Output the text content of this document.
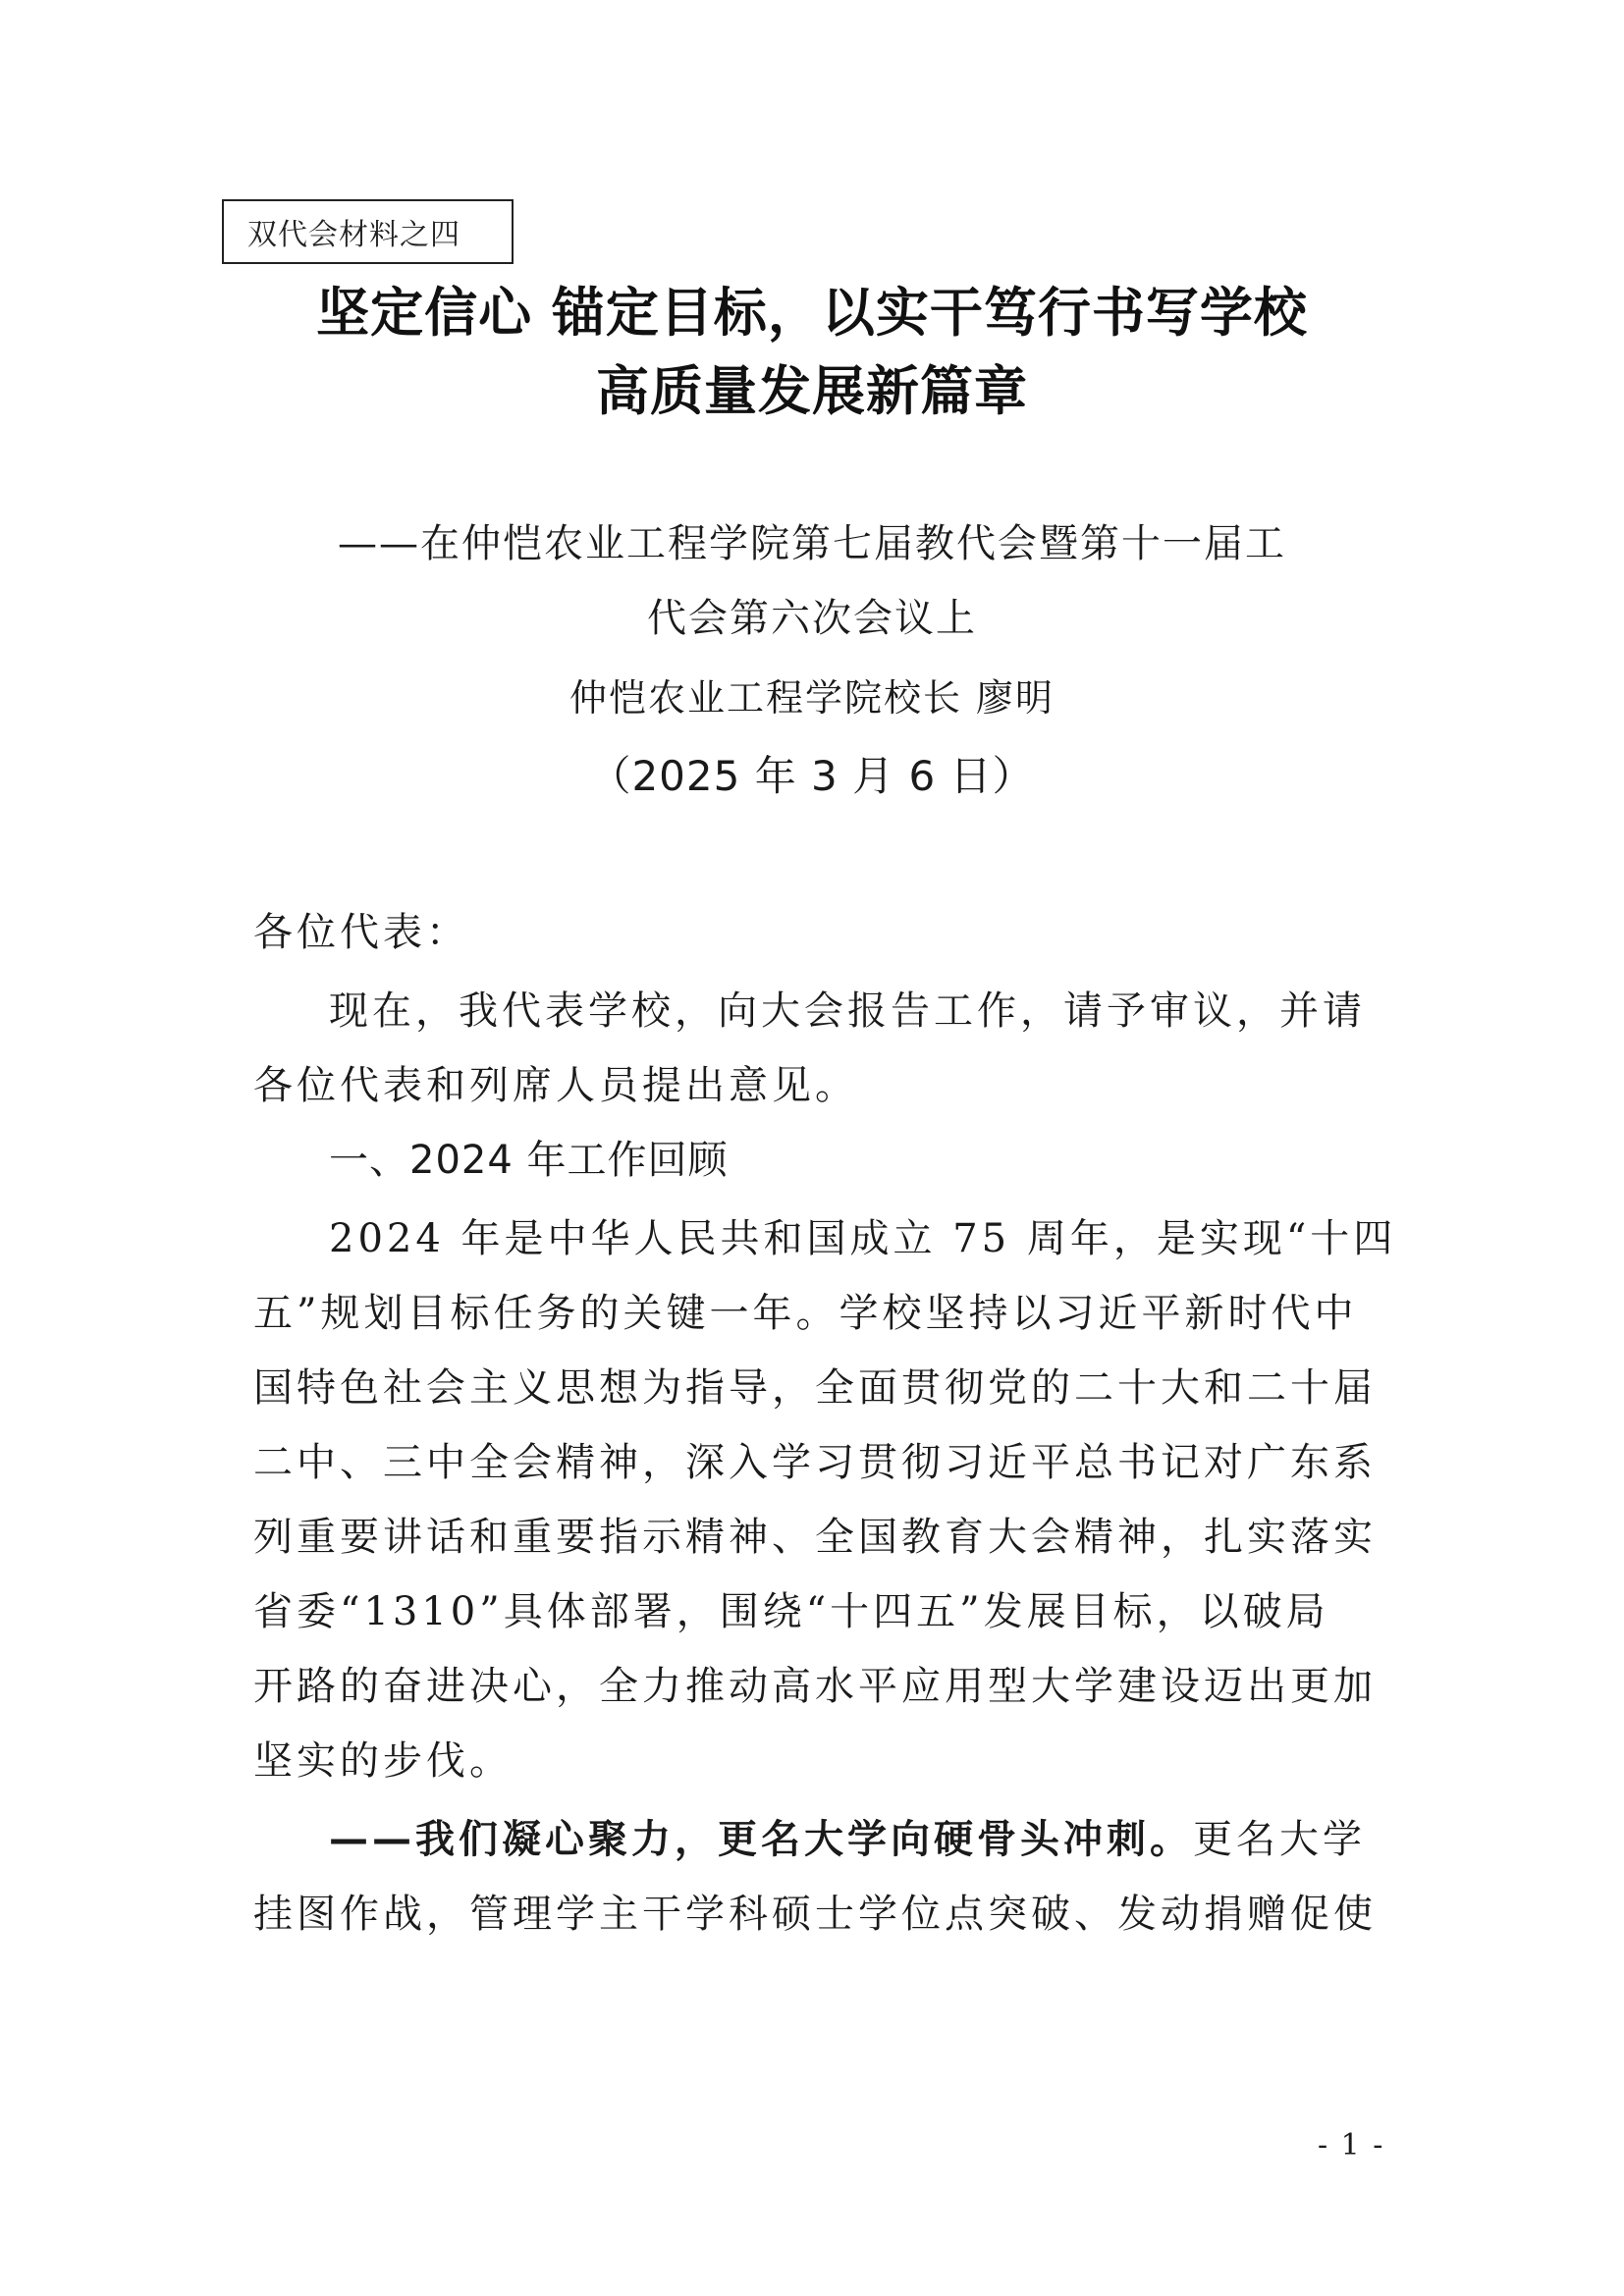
双代会材料之四
坚定信心 锚定目标，以实干笃行书写学校
高质量发展新篇章
——在仲恺农业工程学院第七届教代会暨第十一届工
代会第六次会议上
仲恺农业工程学院校长 廖明
（2025 年 3 月 6 日）
各位代表：
现在，我代表学校，向大会报告工作，请予审议，并请
各位代表和列席人员提出意见。
一、2024 年工作回顾
2024 年是中华人民共和国成立 75 周年，是实现“十四
五”规划目标任务的关键一年。学校坚持以习近平新时代中
国特色社会主义思想为指导，全面贯彻党的二十大和二十届
二中、三中全会精神，深入学习贯彻习近平总书记对广东系
列重要讲话和重要指示精神、全国教育大会精神，扎实落实
省委“1310”具体部署，围绕“十四五”发展目标，以破局
开路的奋进决心，全力推动高水平应用型大学建设迈出更加
坚实的步伐。
——我们凝心聚力，更名大学向硬骨头冲刺。更名大学
挂图作战，管理学主干学科硕士学位点突破、发动捐赠促使
- 1 -
